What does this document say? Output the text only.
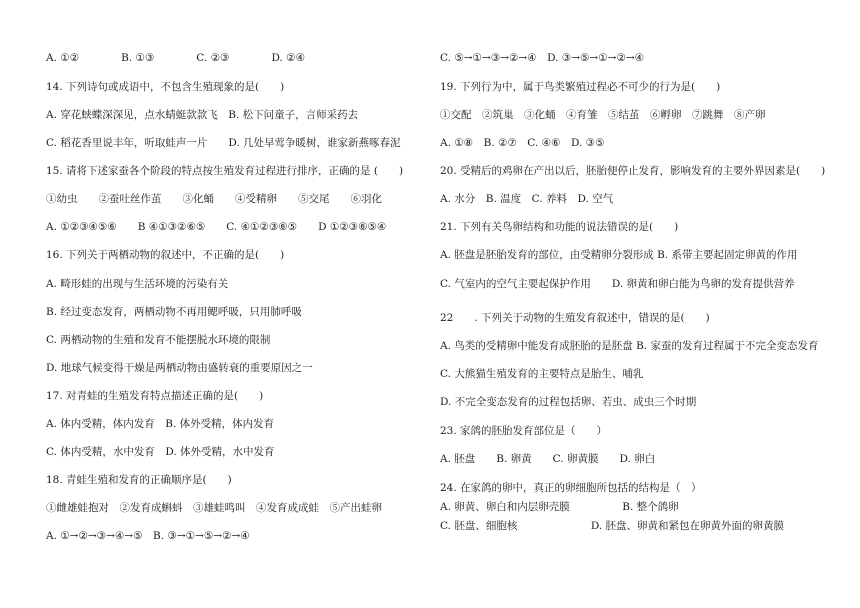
A. ①②　　　　B. ①③　　　　C. ②③　　　　D. ②④
14. 下列诗句或成语中，不包含生殖现象的是(　　)
A. 穿花蛱蝶深深见，点水蜻蜓款款飞　B. 松下问童子，言师采药去
C. 稻花香里说丰年，听取蛙声一片　　D. 几处早莺争暖树，谁家新燕啄春泥
15. 请将下述家蚕各个阶段的特点按生殖发育过程进行排序，正确的是 (　　)
①幼虫　　②蚕吐丝作茧　　③化蛹　　④受精卵　　⑤交尾　　⑥羽化
A. ①②③④⑤⑥　　B ④①③②⑥⑤　　C. ④①②③⑥⑤　　D ①②③⑥⑤④
16. 下列关于两栖动物的叙述中，不正确的是(　　)
A. 畸形蛙的出现与生活环境的污染有关
B. 经过变态发育，两栖动物不再用鳃呼吸，只用肺呼吸
C. 两栖动物的生殖和发育不能摆脱水环境的限制
D. 地球气候变得干燥是两栖动物由盛转衰的重要原因之一
17. 对青蛙的生殖发育特点描述正确的是(　　)
A. 体内受精，体内发育　B. 体外受精，体内发育
C. 体内受精，水中发育　D. 体外受精，水中发育
18. 青蛙生殖和发育的正确顺序是(　　)
①雌雄蛙抱对　②发育成蝌蚪　③雄蛙鸣叫　④发育成成蛙　⑤产出蛙卵
A. ①→②→③→④→⑤　B. ③→①→⑤→②→④
C. ⑤→①→③→②→④　D. ③→⑤→①→②→④
19. 下列行为中，属于鸟类繁殖过程必不可少的行为是(　　)
①交配　②筑巢　③化蛹　④育雏　⑤结茧　⑥孵卵　⑦跳舞　⑧产卵
A. ①⑧　B. ②⑦　C. ④⑥　D. ③⑤
20. 受精后的鸡卵在产出以后，胚胎便停止发育，影响发育的主要外界因素是(　　)
A. 水分　B. 温度　C. 养料　D. 空气
21. 下列有关鸟卵结构和功能的说法错误的是(　　)
A. 胚盘是胚胎发育的部位，由受精卵分裂形成 B. 系带主要起固定卵黄的作用
C. 气室内的空气主要起保护作用　　D. 卵黄和卵白能为鸟卵的发育提供营养
22　　. 下列关于动物的生殖发育叙述中，错误的是(　　)
A. 鸟类的受精卵中能发育成胚胎的是胚盘 B. 家蚕的发育过程属于不完全变态发育
C. 大熊猫生殖发育的主要特点是胎生、哺乳
D. 不完全变态发育的过程包括卵、若虫、成虫三个时期
23. 家鸽的胚胎发育部位是（　　）
A. 胚盘　　B. 卵黄　　C. 卵黄膜　　D. 卵白
24. 在家鸽的卵中，真正的卵细胞所包括的结构是（　）
A. 卵黄、卵白和内层卵壳膜　　　　　B. 整个鸽卵
C. 胚盘、细胞核　　　　　　　D. 胚盘、卵黄和紧包在卵黄外面的卵黄膜
